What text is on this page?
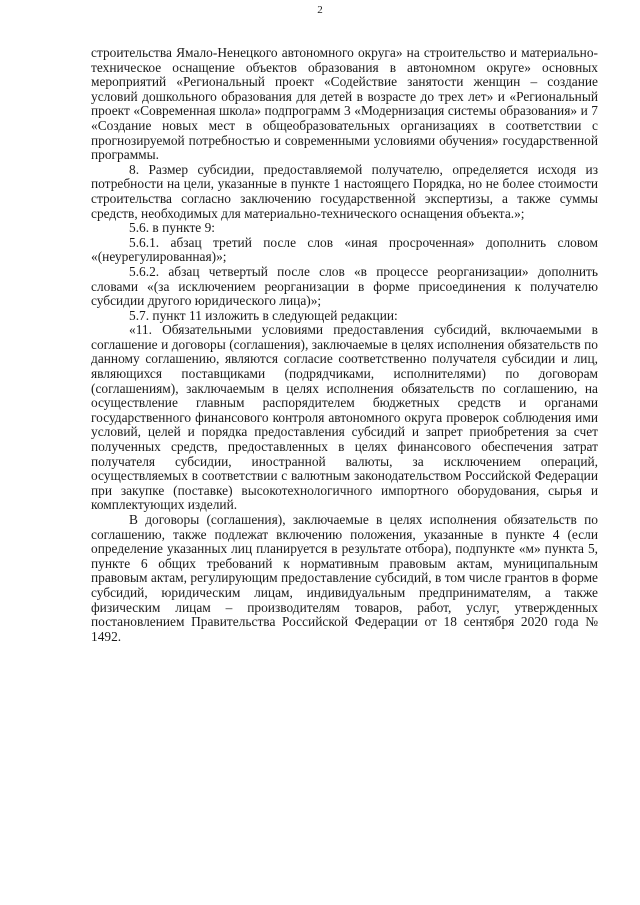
2

строительства Ямало-Ненецкого автономного округа» на строительство и материально-техническое оснащение объектов образования в автономном округе» основных мероприятий «Региональный проект «Содействие занятости женщин – создание условий дошкольного образования для детей в возрасте до трех лет» и «Региональный проект «Современная школа» подпрограмм 3 «Модернизация системы образования» и 7 «Создание новых мест в общеобразовательных организациях в соответствии с прогнозируемой потребностью и современными условиями обучения» государственной программы.

8. Размер субсидии, предоставляемой получателю, определяется исходя из потребности на цели, указанные в пункте 1 настоящего Порядка, но не более стоимости строительства согласно заключению государственной экспертизы, а также суммы средств, необходимых для материально-технического оснащения объекта.»;

5.6. в пункте 9:

5.6.1. абзац третий после слов «иная просроченная» дополнить словом «(неурегулированная)»;

5.6.2. абзац четвертый после слов «в процессе реорганизации» дополнить словами «(за исключением реорганизации в форме присоединения к получателю субсидии другого юридического лица)»;

5.7. пункт 11 изложить в следующей редакции:

«11. Обязательными условиями предоставления субсидий, включаемыми в соглашение и договоры (соглашения), заключаемые в целях исполнения обязательств по данному соглашению, являются согласие соответственно получателя субсидии и лиц, являющихся поставщиками (подрядчиками, исполнителями) по договорам (соглашениям), заключаемым в целях исполнения обязательств по соглашению, на осуществление главным распорядителем бюджетных средств и органами государственного финансового контроля автономного округа проверок соблюдения ими условий, целей и порядка предоставления субсидий и запрет приобретения за счет полученных средств, предоставленных в целях финансового обеспечения затрат получателя субсидии, иностранной валюты, за исключением операций, осуществляемых в соответствии с валютным законодательством Российской Федерации при закупке (поставке) высокотехнологичного импортного оборудования, сырья и комплектующих изделий.

В договоры (соглашения), заключаемые в целях исполнения обязательств по соглашению, также подлежат включению положения, указанные в пункте 4 (если определение указанных лиц планируется в результате отбора), подпункте «м» пункта 5, пункте 6 общих требований к нормативным правовым актам, муниципальным правовым актам, регулирующим предоставление субсидий, в том числе грантов в форме субсидий, юридическим лицам, индивидуальным предпринимателям, а также физическим лицам – производителям товаров, работ, услуг, утвержденных постановлением Правительства Российской Федерации от 18 сентября 2020 года № 1492.
